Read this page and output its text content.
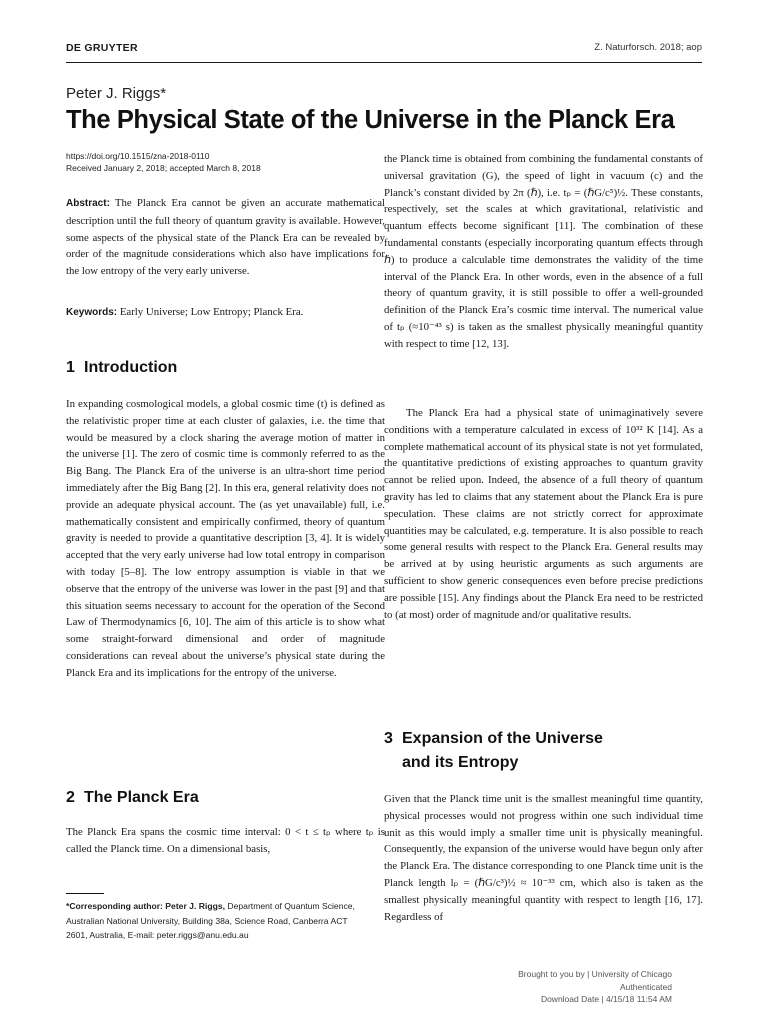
DE GRUYTER	Z. Naturforsch. 2018; aop
Peter J. Riggs*
The Physical State of the Universe in the Planck Era
https://doi.org/10.1515/zna-2018-0110
Received January 2, 2018; accepted March 8, 2018
Abstract: The Planck Era cannot be given an accurate mathematical description until the full theory of quantum gravity is available. However, some aspects of the physical state of the Planck Era can be revealed by order of the magnitude considerations which also have implications for the low entropy of the very early universe.
Keywords: Early Universe; Low Entropy; Planck Era.
1 Introduction
In expanding cosmological models, a global cosmic time (t) is defined as the relativistic proper time at each cluster of galaxies, i.e. the time that would be measured by a clock sharing the average motion of matter in the universe [1]. The zero of cosmic time is commonly referred to as the Big Bang. The Planck Era of the universe is an ultra-short time period immediately after the Big Bang [2]. In this era, general relativity does not provide an adequate physical account. The (as yet unavailable) full, i.e. mathematically consistent and empirically confirmed, theory of quantum gravity is needed to provide a quantitative description [3, 4]. It is widely accepted that the very early universe had low total entropy in comparison with today [5–8]. The low entropy assumption is viable in that we observe that the entropy of the universe was lower in the past [9] and that this situation seems necessary to account for the operation of the Second Law of Thermodynamics [6, 10]. The aim of this article is to show what some straight-forward dimensional and order of magnitude considerations can reveal about the universe’s physical state during the Planck Era and its implications for the entropy of the universe.
2 The Planck Era
The Planck Era spans the cosmic time interval: 0 < t ≤ tₚ where tₚ is called the Planck time. On a dimensional basis,
the Planck time is obtained from combining the fundamental constants of universal gravitation (G), the speed of light in vacuum (c) and the Planck’s constant divided by 2π (ℏ), i.e. tₚ = (ℏG/c⁵)½. These constants, respectively, set the scales at which gravitational, relativistic and quantum effects become significant [11]. The combination of these fundamental constants (especially incorporating quantum effects through ℏ) to produce a calculable time demonstrates the validity of the time interval of the Planck Era. In other words, even in the absence of a full theory of quantum gravity, it is still possible to offer a well-grounded definition of the Planck Era’s cosmic time interval. The numerical value of tₚ (≈10⁻⁴³ s) is taken as the smallest physically meaningful quantity with respect to time [12, 13].
The Planck Era had a physical state of unimaginatively severe conditions with a temperature calculated in excess of 10³² K [14]. As a complete mathematical account of its physical state is not yet formulated, the quantitative predictions of existing approaches to quantum gravity cannot be relied upon. Indeed, the absence of a full theory of quantum gravity has led to claims that any statement about the Planck Era is pure speculation. These claims are not strictly correct for approximate quantities may be calculated, e.g. temperature. It is also possible to reach some general results with respect to the Planck Era. General results may be arrived at by using heuristic arguments as such arguments are sufficient to show generic consequences even before precise predictions are possible [15]. Any findings about the Planck Era need to be restricted to (at most) order of magnitude and/or qualitative results.
3 Expansion of the Universe
and its Entropy
Given that the Planck time unit is the smallest meaningful time quantity, physical processes would not progress within one such individual time unit as this would imply a smaller time unit is physically meaningful. Consequently, the expansion of the universe would have begun only after the Planck Era. The distance corresponding to one Planck time unit is the Planck length lₚ = (ℏG/c³)½ ≈ 10⁻³³ cm, which also is taken as the smallest physically meaningful quantity with respect to length [16, 17]. Regardless of
*Corresponding author: Peter J. Riggs, Department of Quantum Science, Australian National University, Building 38a, Science Road, Canberra ACT 2601, Australia, E-mail: peter.riggs@anu.edu.au
Brought to you by | University of Chicago
Authenticated
Download Date | 4/15/18 11:54 AM
